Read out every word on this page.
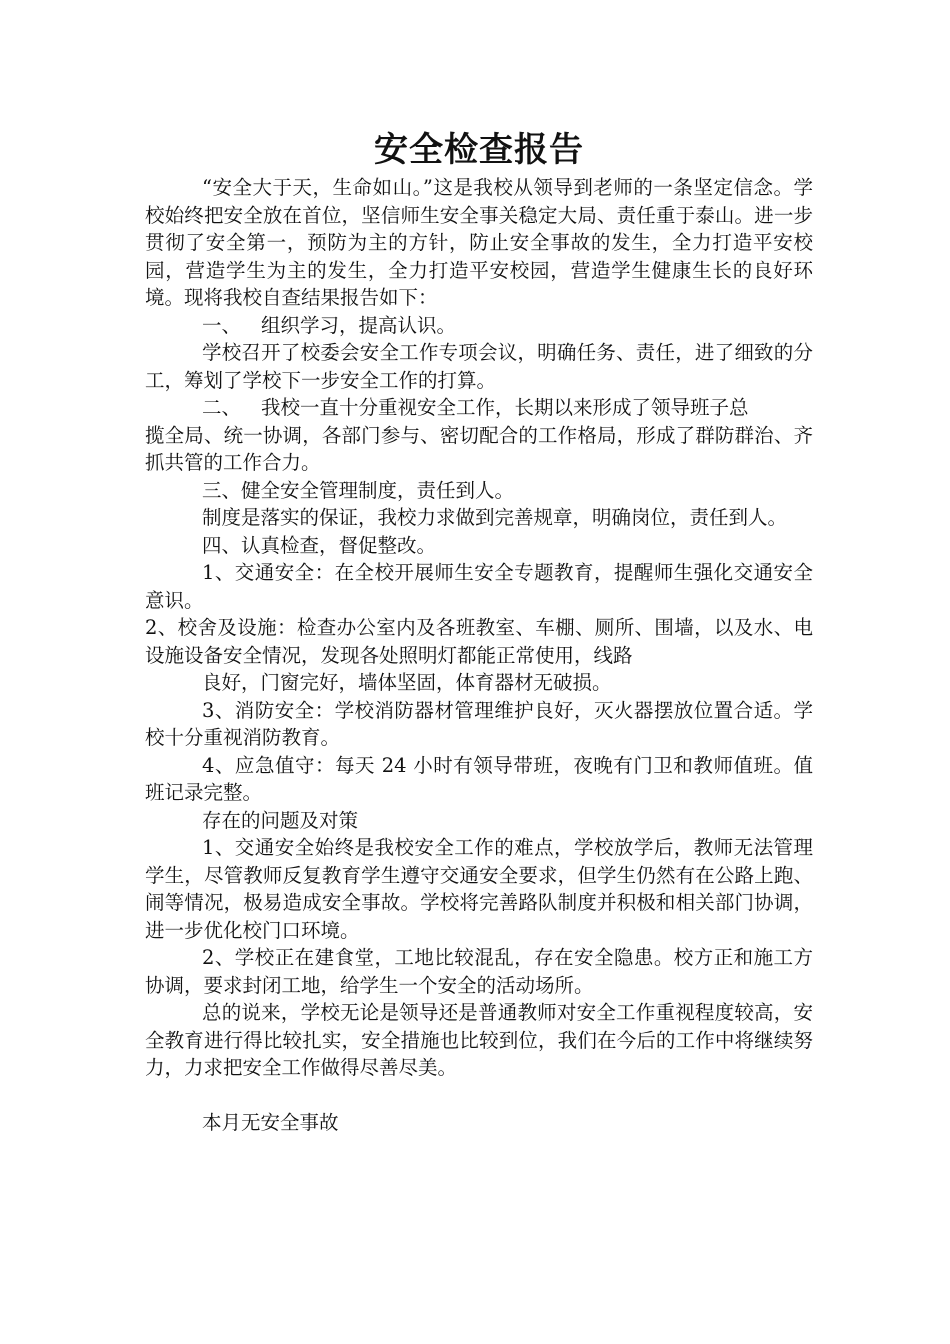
安全检查报告

“安全大于天，生命如山。”这是我校从领导到老师的一条坚定信念。学校始终把安全放在首位，坚信师生安全事关稳定大局、责任重于泰山。进一步贯彻了安全第一，预防为主的方针，防止安全事故的发生，全力打造平安校园，营造学生为主的发生，全力打造平安校园，营造学生健康生长的良好环境。现将我校自查结果报告如下：

一、	组织学习，提高认识。

学校召开了校委会安全工作专项会议，明确任务、责任，进了细致的分工，筹划了学校下一步安全工作的打算。

二、	我校一直十分重视安全工作，长期以来形成了领导班子总

揽全局、统一协调，各部门参与、密切配合的工作格局，形成了群防群治、齐抓共管的工作合力。

三、健全安全管理制度，责任到人。

制度是落实的保证，我校力求做到完善规章，明确岗位，责任到人。

四、认真检查，督促整改。

1、交通安全：在全校开展师生安全专题教育，提醒师生强化交通安全意识。

2、校舍及设施：检查办公室内及各班教室、车棚、厕所、围墙，以及水、电设施设备安全情况，发现各处照明灯都能正常使用，线路

良好，门窗完好，墙体坚固，体育器材无破损。

3、消防安全：学校消防器材管理维护良好，灭火器摆放位置合适。学校十分重视消防教育。

4、应急值守：每天 24 小时有领导带班，夜晚有门卫和教师值班。值班记录完整。

存在的问题及对策

1、交通安全始终是我校安全工作的难点，学校放学后，教师无法管理学生，尽管教师反复教育学生遵守交通安全要求，但学生仍然有在公路上跑、闹等情况，极易造成安全事故。学校将完善路队制度并积极和相关部门协调，进一步优化校门口环境。

2、学校正在建食堂，工地比较混乱，存在安全隐患。校方正和施工方协调，要求封闭工地，给学生一个安全的活动场所。

总的说来，学校无论是领导还是普通教师对安全工作重视程度较高，安全教育进行得比较扎实，安全措施也比较到位，我们在今后的工作中将继续努力，力求把安全工作做得尽善尽美。

本月无安全事故
